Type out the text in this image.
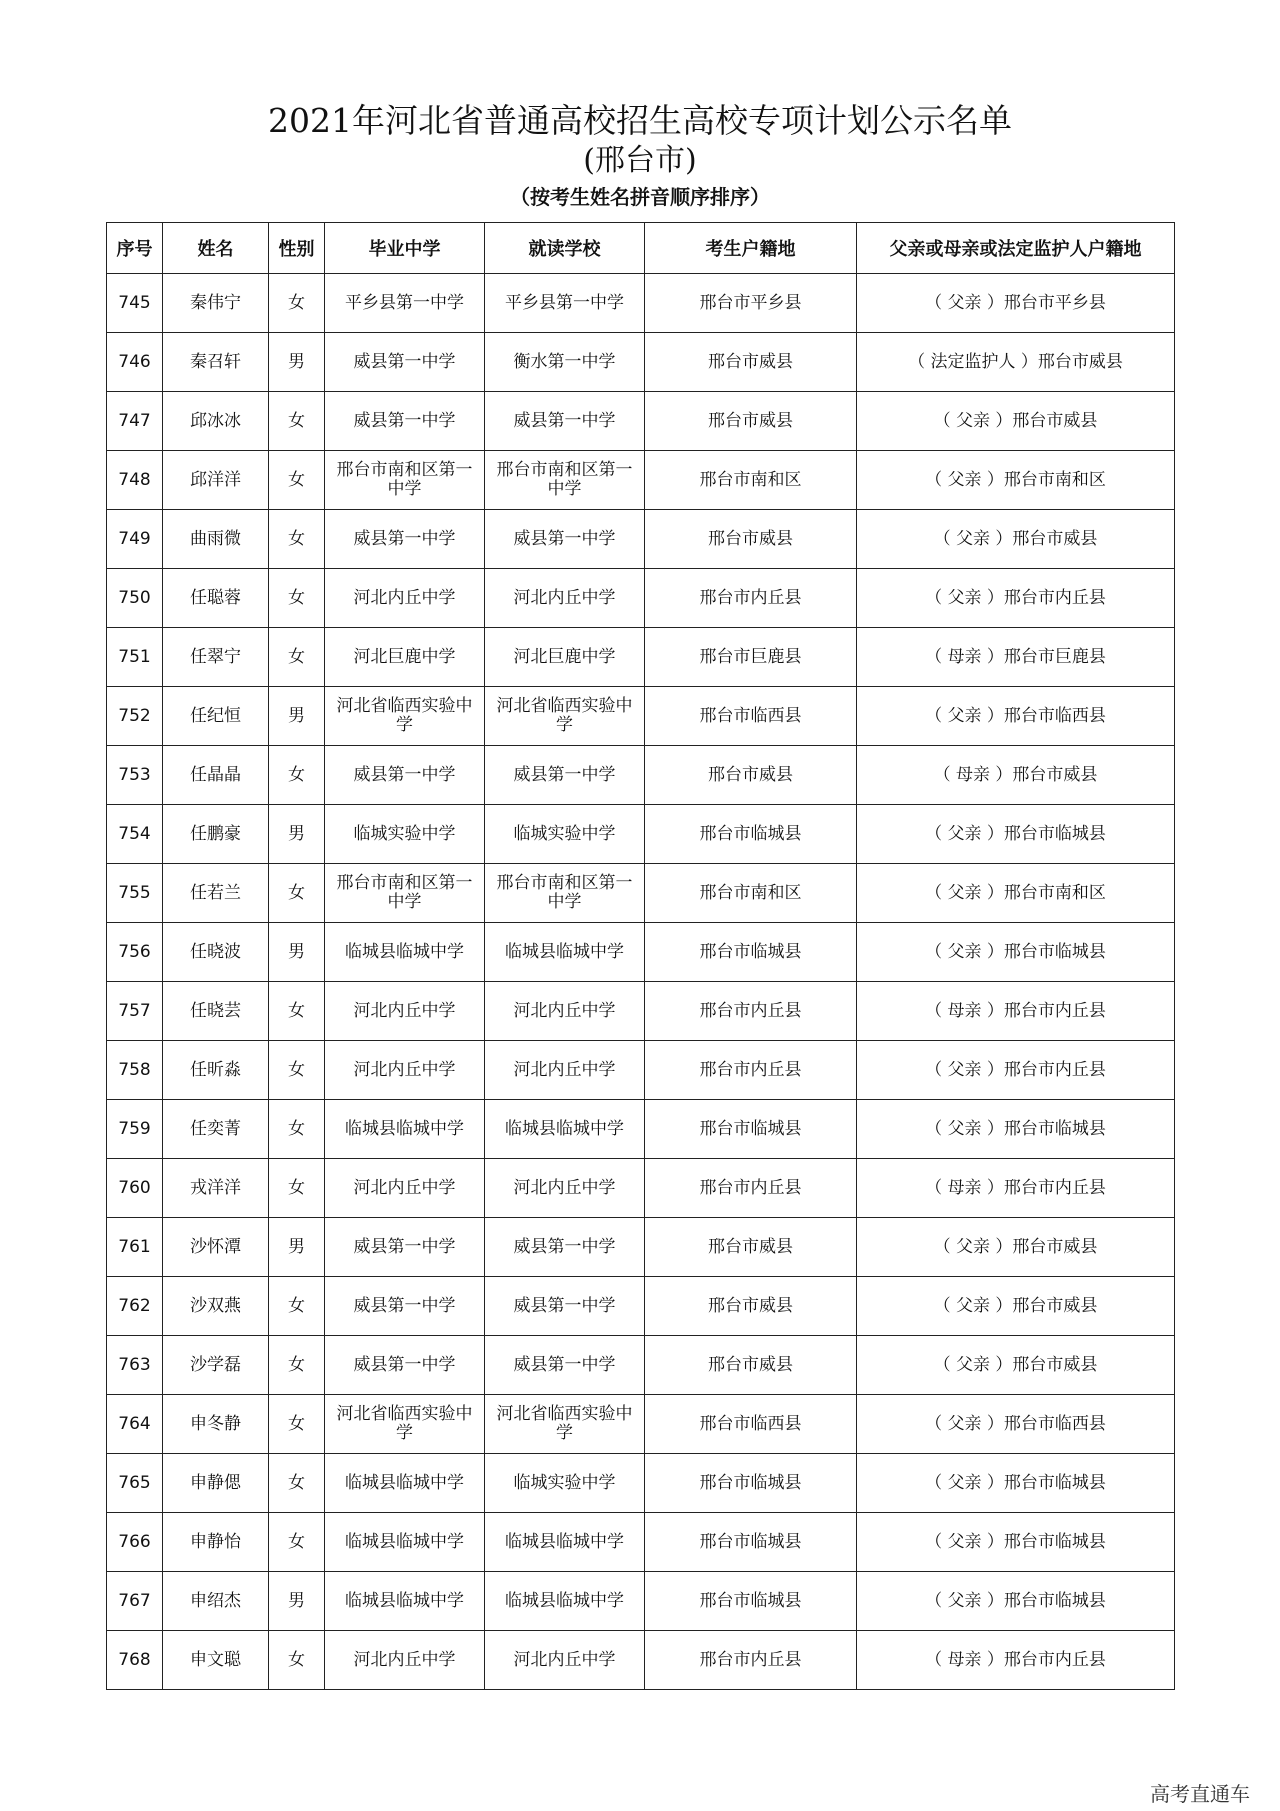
2021年河北省普通高校招生高校专项计划公示名单
(邢台市)
（按考生姓名拼音顺序排序）
序号	姓名	性别	毕业中学	就读学校	考生户籍地	父亲或母亲或法定监护人户籍地
745	秦伟宁	女	平乡县第一中学	平乡县第一中学	邢台市平乡县	（ 父亲 ）邢台市平乡县
746	秦召轩	男	威县第一中学	衡水第一中学	邢台市威县	（ 法定监护人 ）邢台市威县
747	邱冰冰	女	威县第一中学	威县第一中学	邢台市威县	（ 父亲 ）邢台市威县
748	邱洋洋	女	邢台市南和区第一中学	邢台市南和区第一中学	邢台市南和区	（ 父亲 ）邢台市南和区
749	曲雨微	女	威县第一中学	威县第一中学	邢台市威县	（ 父亲 ）邢台市威县
750	任聪蓉	女	河北内丘中学	河北内丘中学	邢台市内丘县	（ 父亲 ）邢台市内丘县
751	任翠宁	女	河北巨鹿中学	河北巨鹿中学	邢台市巨鹿县	（ 母亲 ）邢台市巨鹿县
752	任纪恒	男	河北省临西实验中学	河北省临西实验中学	邢台市临西县	（ 父亲 ）邢台市临西县
753	任晶晶	女	威县第一中学	威县第一中学	邢台市威县	（ 母亲 ）邢台市威县
754	任鹏豪	男	临城实验中学	临城实验中学	邢台市临城县	（ 父亲 ）邢台市临城县
755	任若兰	女	邢台市南和区第一中学	邢台市南和区第一中学	邢台市南和区	（ 父亲 ）邢台市南和区
756	任晓波	男	临城县临城中学	临城县临城中学	邢台市临城县	（ 父亲 ）邢台市临城县
757	任晓芸	女	河北内丘中学	河北内丘中学	邢台市内丘县	（ 母亲 ）邢台市内丘县
758	任昕淼	女	河北内丘中学	河北内丘中学	邢台市内丘县	（ 父亲 ）邢台市内丘县
759	任奕菁	女	临城县临城中学	临城县临城中学	邢台市临城县	（ 父亲 ）邢台市临城县
760	戎洋洋	女	河北内丘中学	河北内丘中学	邢台市内丘县	（ 母亲 ）邢台市内丘县
761	沙怀潭	男	威县第一中学	威县第一中学	邢台市威县	（ 父亲 ）邢台市威县
762	沙双燕	女	威县第一中学	威县第一中学	邢台市威县	（ 父亲 ）邢台市威县
763	沙学磊	女	威县第一中学	威县第一中学	邢台市威县	（ 父亲 ）邢台市威县
764	申冬静	女	河北省临西实验中学	河北省临西实验中学	邢台市临西县	（ 父亲 ）邢台市临西县
765	申静偲	女	临城县临城中学	临城实验中学	邢台市临城县	（ 父亲 ）邢台市临城县
766	申静怡	女	临城县临城中学	临城县临城中学	邢台市临城县	（ 父亲 ）邢台市临城县
767	申绍杰	男	临城县临城中学	临城县临城中学	邢台市临城县	（ 父亲 ）邢台市临城县
768	申文聪	女	河北内丘中学	河北内丘中学	邢台市内丘县	（ 母亲 ）邢台市内丘县
高考直通车
